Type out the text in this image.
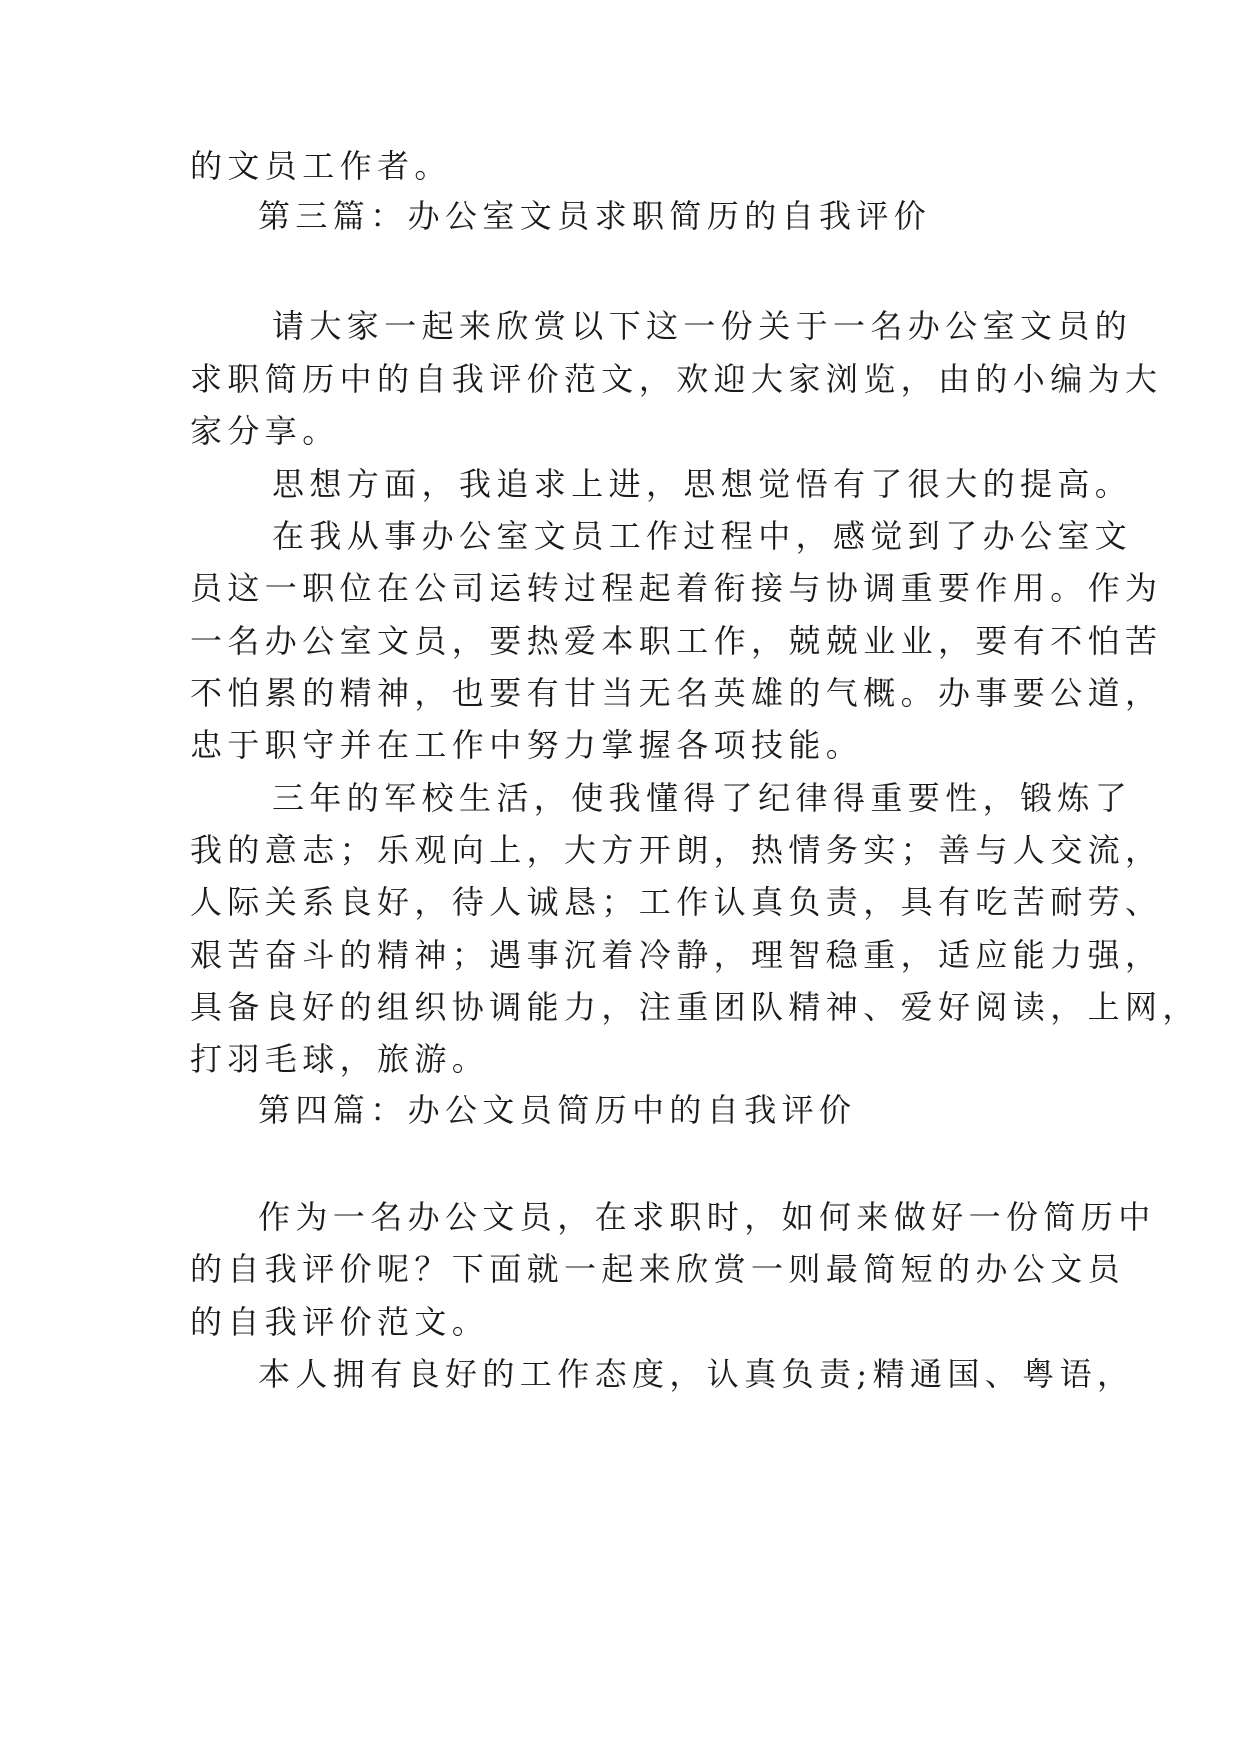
的文员工作者。
第三篇：办公室文员求职简历的自我评价
请大家一起来欣赏以下这一份关于一名办公室文员的
求职简历中的自我评价范文，欢迎大家浏览，由的小编为大
家分享。
思想方面，我追求上进，思想觉悟有了很大的提高。
在我从事办公室文员工作过程中，感觉到了办公室文
员这一职位在公司运转过程起着衔接与协调重要作用。作为
一名办公室文员，要热爱本职工作，兢兢业业，要有不怕苦
不怕累的精神，也要有甘当无名英雄的气概。办事要公道，
忠于职守并在工作中努力掌握各项技能。
三年的军校生活，使我懂得了纪律得重要性，锻炼了
我的意志；乐观向上，大方开朗，热情务实；善与人交流，
人际关系良好，待人诚恳；工作认真负责，具有吃苦耐劳、
艰苦奋斗的精神；遇事沉着冷静，理智稳重，适应能力强，
具备良好的组织协调能力，注重团队精神、爱好阅读，上网，
打羽毛球，旅游。
第四篇：办公文员简历中的自我评价
作为一名办公文员，在求职时，如何来做好一份简历中
的自我评价呢？下面就一起来欣赏一则最简短的办公文员
的自我评价范文。
本人拥有良好的工作态度，认真负责;精通国、粤语，
